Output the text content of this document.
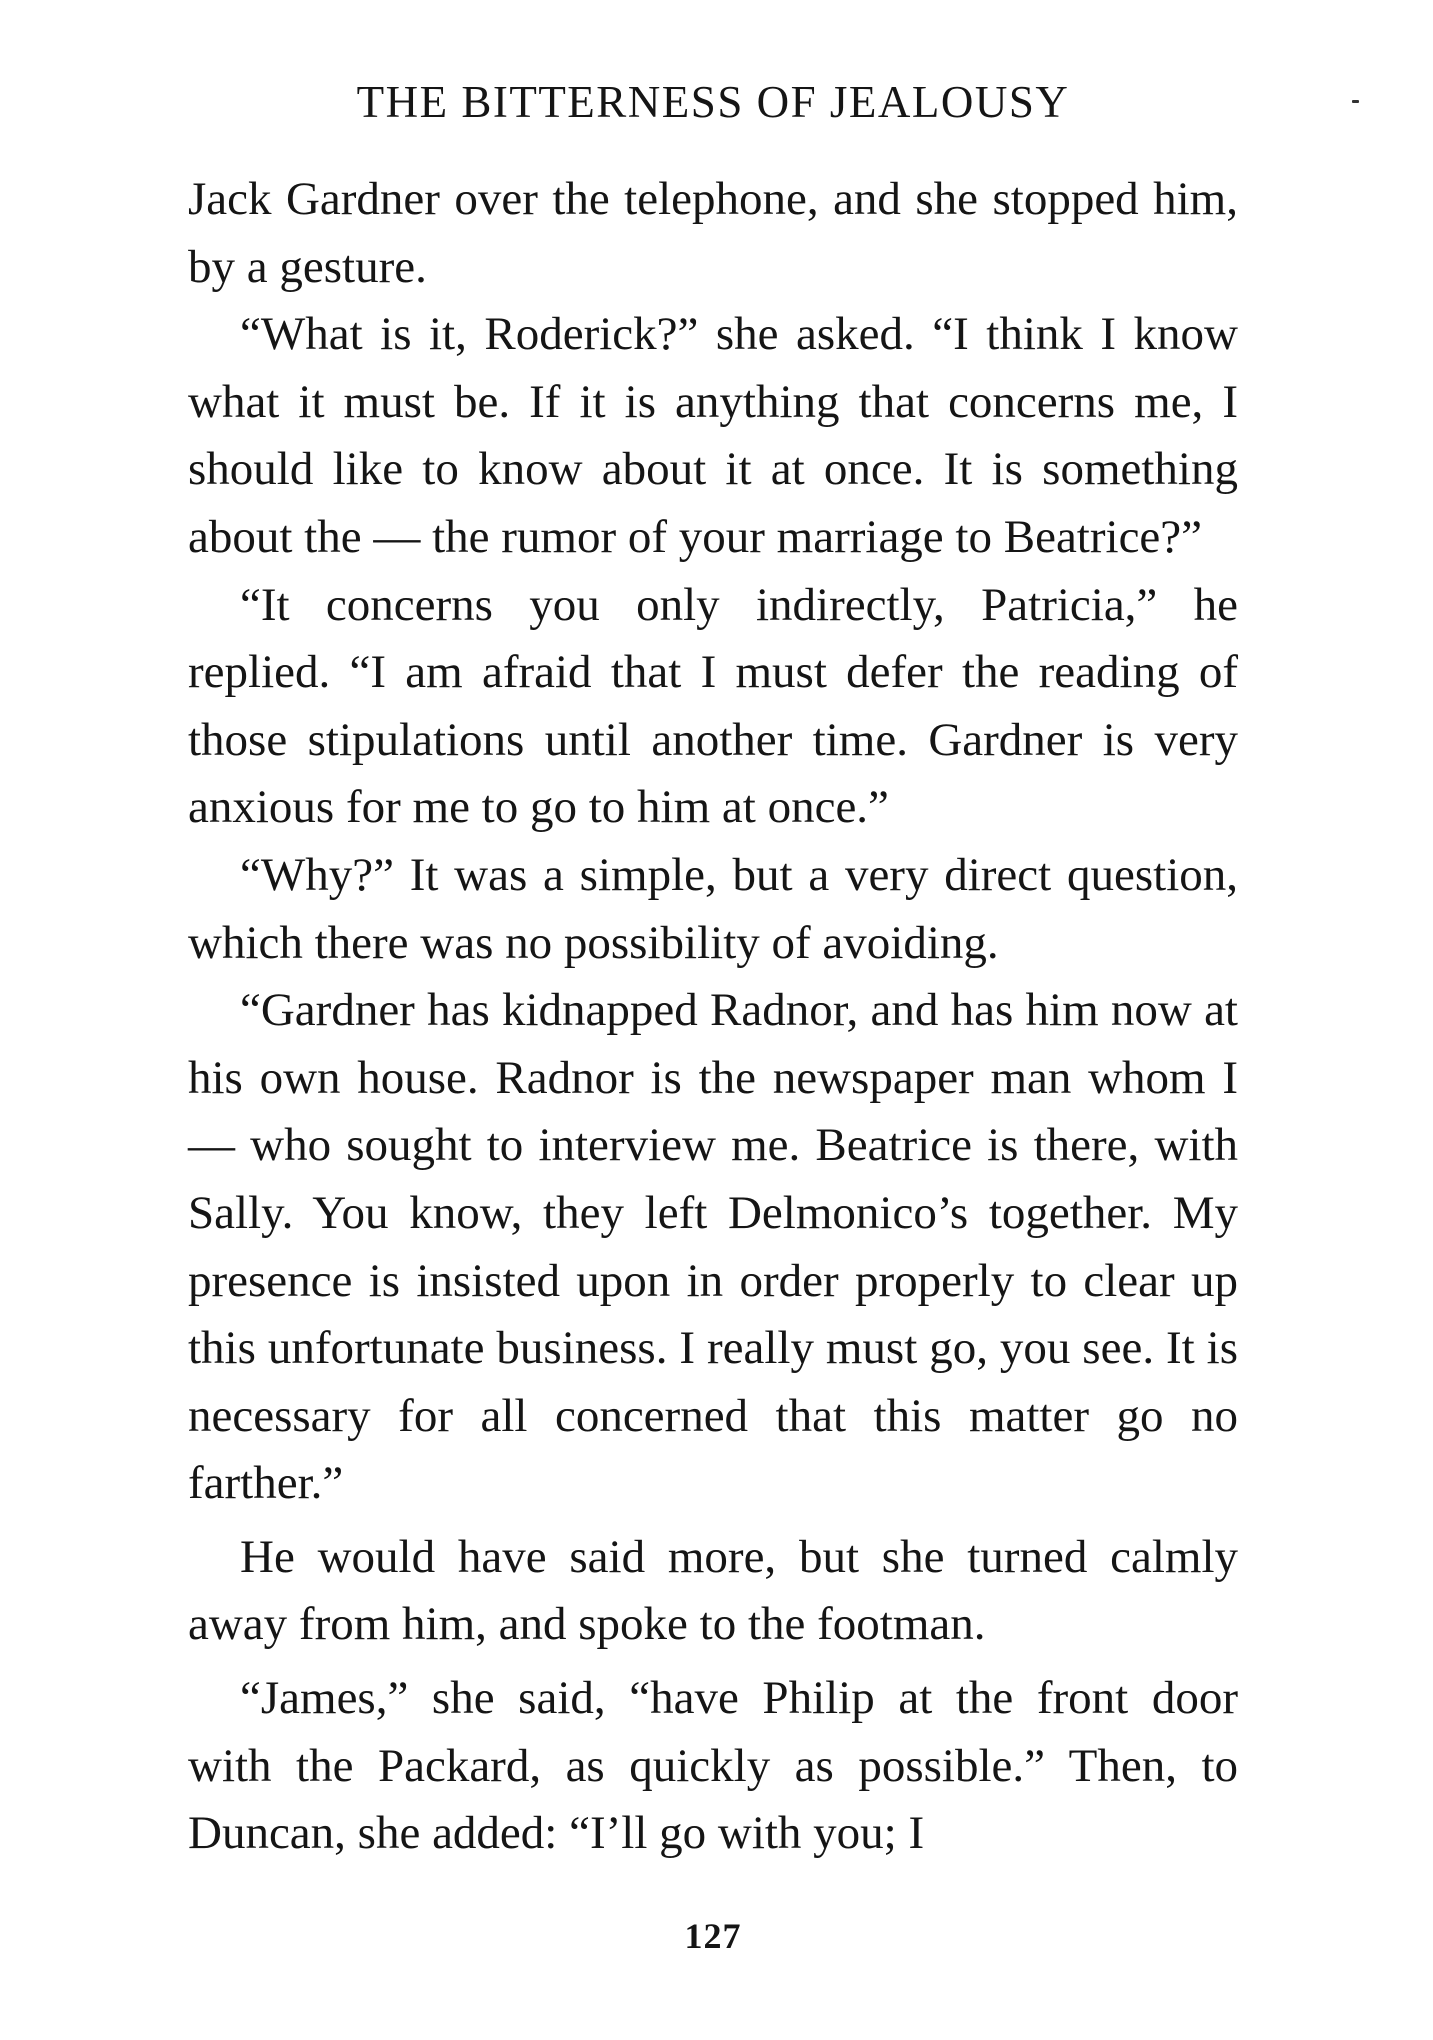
THE BITTERNESS OF JEALOUSY

Jack Gardner over the telephone, and she stopped him, by a gesture.

“What is it, Roderick?” she asked. “I think I know what it must be. If it is anything that concerns me, I should like to know about it at once. It is something about the — the rumor of your marriage to Beatrice?”

“It concerns you only indirectly, Patricia,” he replied. “I am afraid that I must defer the reading of those stipulations until another time. Gardner is very anxious for me to go to him at once.”

“Why?” It was a simple, but a very direct question, which there was no possibility of avoiding.

“Gardner has kidnapped Radnor, and has him now at his own house. Radnor is the newspaper man whom I — who sought to interview me. Beatrice is there, with Sally. You know, they left Delmonico’s together. My presence is insisted upon in order properly to clear up this unfortunate business. I really must go, you see. It is necessary for all concerned that this matter go no farther.”

He would have said more, but she turned calmly away from him, and spoke to the footman.

“James,” she said, “have Philip at the front door with the Packard, as quickly as possible.” Then, to Duncan, she added: “I’ll go with you; I

127
